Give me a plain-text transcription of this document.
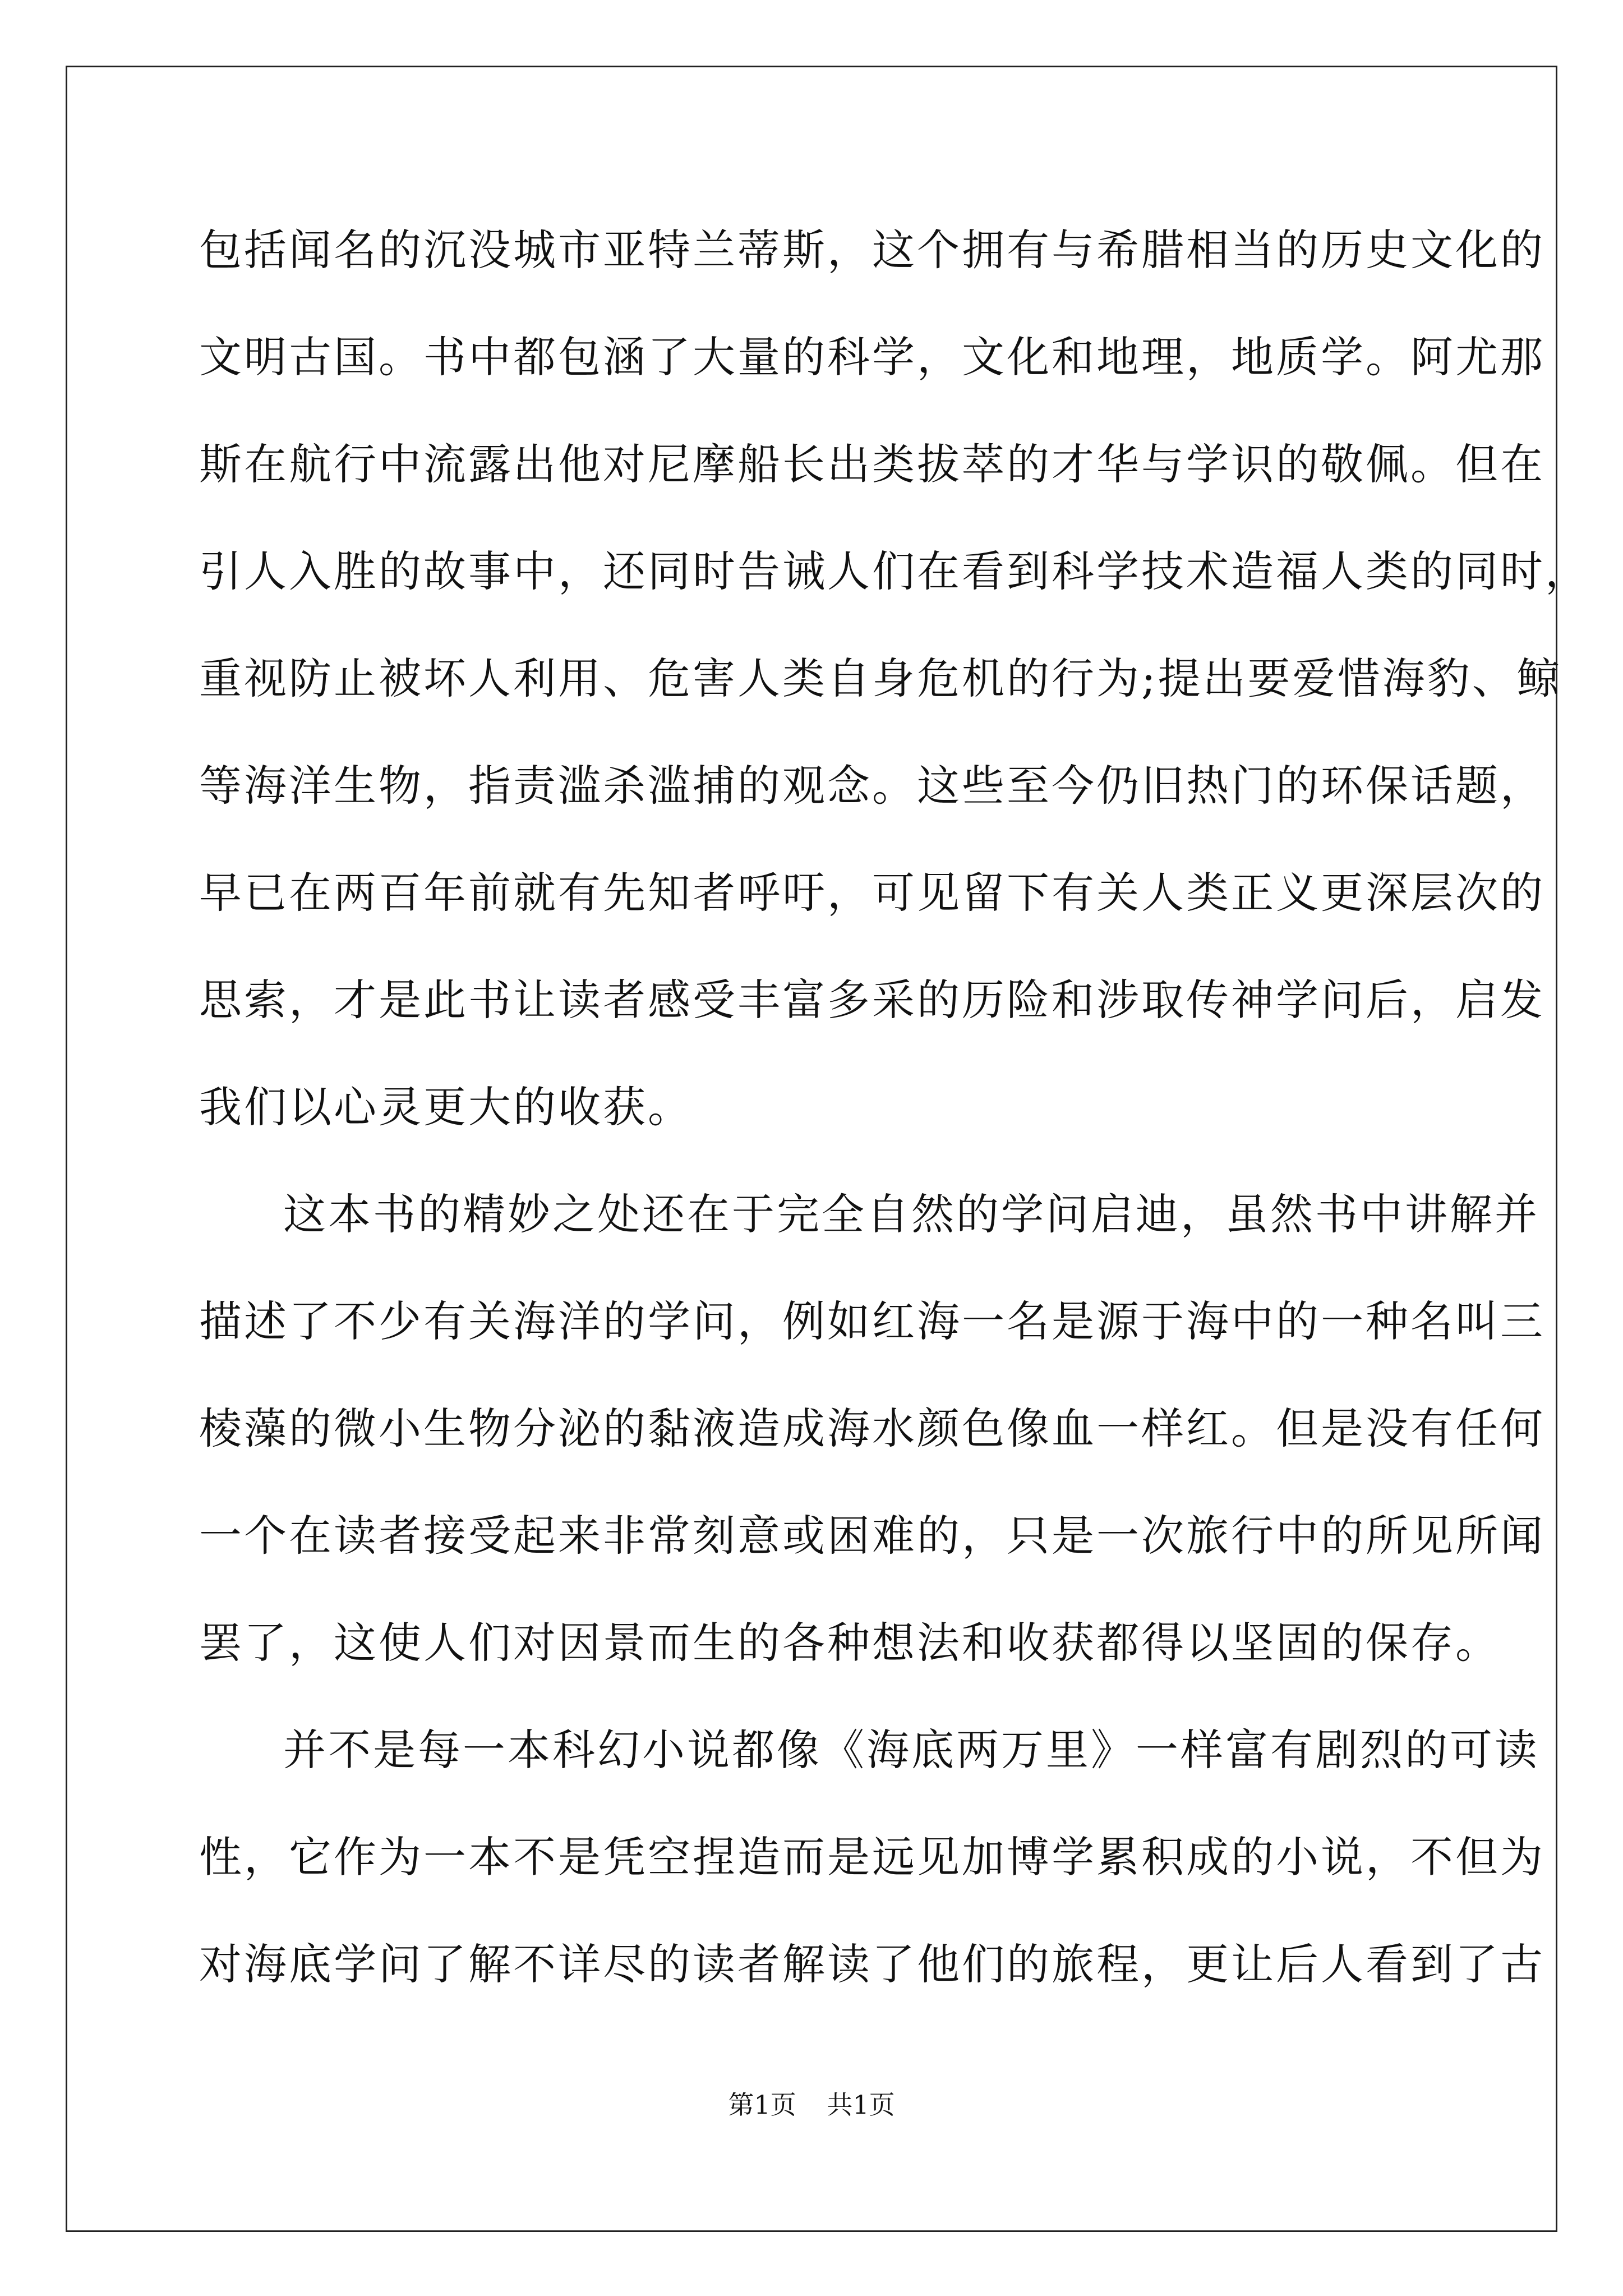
包括闻名的沉没城市亚特兰蒂斯，这个拥有与希腊相当的历史文化的
文明古国。书中都包涵了大量的科学，文化和地理，地质学。阿尤那
斯在航行中流露出他对尼摩船长出类拔萃的才华与学识的敬佩。但在
引人入胜的故事中，还同时告诫人们在看到科学技术造福人类的同时，
重视防止被坏人利用、危害人类自身危机的行为;提出要爱惜海豹、鲸
等海洋生物，指责滥杀滥捕的观念。这些至今仍旧热门的环保话题，
早已在两百年前就有先知者呼吁，可见留下有关人类正义更深层次的
思索，才是此书让读者感受丰富多采的历险和涉取传神学问后，启发
我们以心灵更大的收获。
这本书的精妙之处还在于完全自然的学问启迪，虽然书中讲解并
描述了不少有关海洋的学问，例如红海一名是源于海中的一种名叫三
棱藻的微小生物分泌的黏液造成海水颜色像血一样红。但是没有任何
一个在读者接受起来非常刻意或困难的，只是一次旅行中的所见所闻
罢了，这使人们对因景而生的各种想法和收获都得以坚固的保存。
并不是每一本科幻小说都像《海底两万里》一样富有剧烈的可读
性，它作为一本不是凭空捏造而是远见加博学累积成的小说，不但为
对海底学问了解不详尽的读者解读了他们的旅程，更让后人看到了古
第1页 共1页
